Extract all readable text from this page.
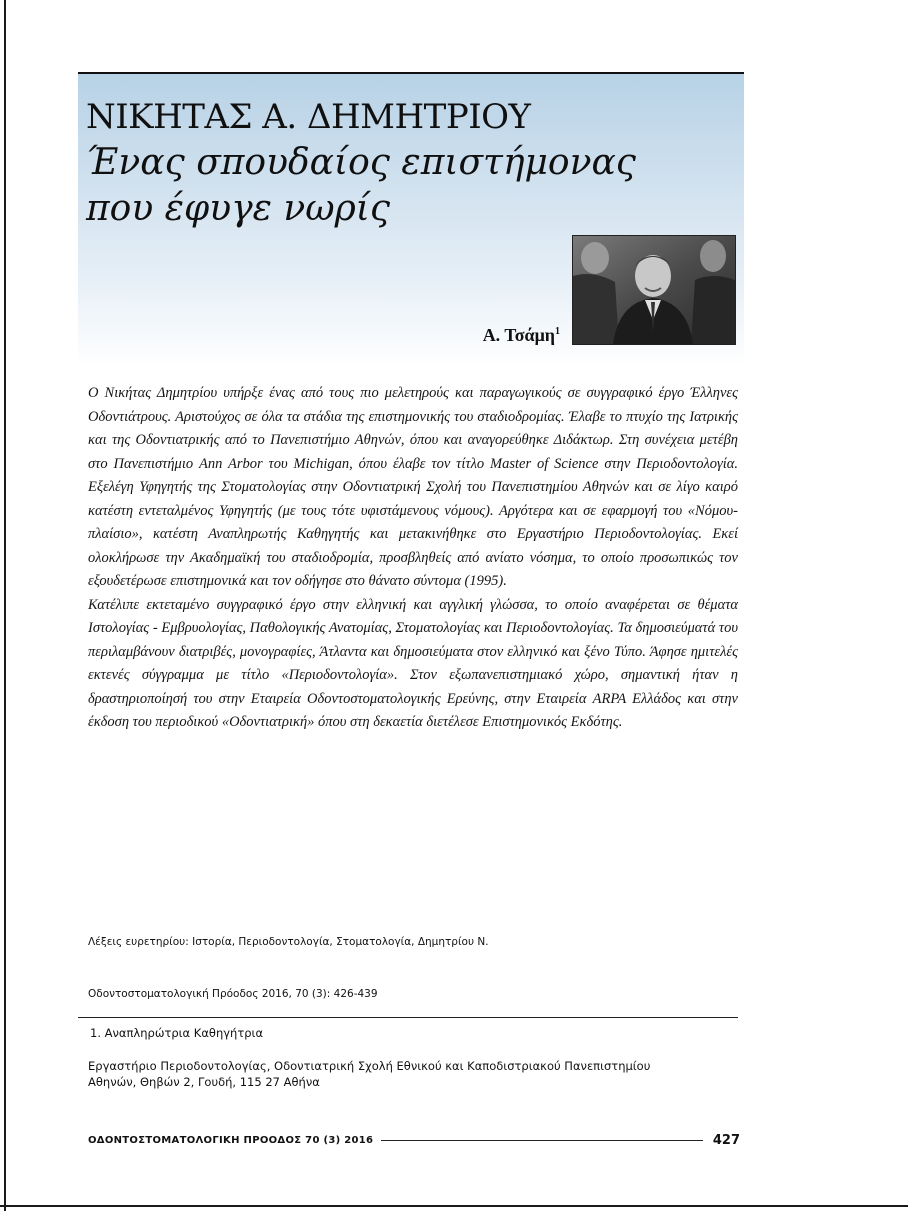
ΝΙΚΗΤΑΣ Α. ΔΗΜΗΤΡΙΟΥ
Ένας σπουδαίος επιστήμονας
που έφυγε νωρίς
Α. Τσάμη$^1$

Ο Νικήτας Δημητρίου υπήρξε ένας από τους πιο μελετηρούς και παραγωγικούς σε συγγραφικό έργο Έλληνες Οδοντιάτρους. Αριστούχος σε όλα τα στάδια της επιστημονικής του σταδιοδρομίας. Έλαβε το πτυχίο της Ιατρικής και της Οδοντιατρικής από το Πανεπιστήμιο Αθηνών, όπου και αναγορεύθηκε Διδάκτωρ. Στη συνέχεια μετέβη στο Πανεπιστήμιο Ann Arbor του Michigan, όπου έλαβε τον τίτλο Master of Science στην Περιοδοντολογία. Εξελέγη Υφηγητής της Στοματολογίας στην Οδοντιατρική Σχολή του Πανεπιστημίου Αθηνών και σε λίγο καιρό κατέστη εντεταλμένος Υφηγητής (με τους τότε υφιστάμενους νόμους). Αργότερα και σε εφαρμογή του «Νόμου-πλαίσιο», κατέστη Αναπληρωτής Καθηγητής και μετακινήθηκε στο Εργαστήριο Περιοδοντολογίας. Εκεί ολοκλήρωσε την Ακαδημαϊκή του σταδιοδρομία, προσβληθείς από ανίατο νόσημα, το οποίο προσωπικώς τον εξουδετέρωσε επιστημονικά και τον οδήγησε στο θάνατο σύντομα (1995).

Κατέλιπε εκτεταμένο συγγραφικό έργο στην ελληνική και αγγλική γλώσσα, το οποίο αναφέρεται σε θέματα Ιστολογίας - Εμβρυολογίας, Παθολογικής Ανατομίας, Στοματολογίας και Περιοδοντολογίας. Τα δημοσιεύματά του περιλαμβάνουν διατριβές, μονογραφίες, Άτλαντα και δημοσιεύματα στον ελληνικό και ξένο Τύπο. Άφησε ημιτελές εκτενές σύγγραμμα με τίτλο «Περιοδοντολογία». Στον εξωπανεπιστημιακό χώρο, σημαντική ήταν η δραστηριοποίησή του στην Εταιρεία Οδοντοστοματολογικής Ερεύνης, στην Εταιρεία ARPA Ελλάδος και στην έκδοση του περιοδικού «Οδοντιατρική» όπου στη δεκαετία διετέλεσε Επιστημονικός Εκδότης.

Λέξεις ευρετηρίου: Ιστορία, Περιοδοντολογία, Στοματολογία, Δημητρίου Ν.
Οδοντοστοματολογική Πρόοδος 2016, 70 (3): 426-439
1. Αναπληρώτρια Καθηγήτρια
Εργαστήριο Περιοδοντολογίας, Οδοντιατρική Σχολή Εθνικού και Καποδιστριακού Πανεπιστημίου
Αθηνών, Θηβών 2, Γουδή, 115 27 Αθήνα
ΟΔΟΝΤΟΣΤΟΜΑΤΟΛΟΓΙΚΗ ΠΡΟΟΔΟΣ 70 (3) 2016	427
